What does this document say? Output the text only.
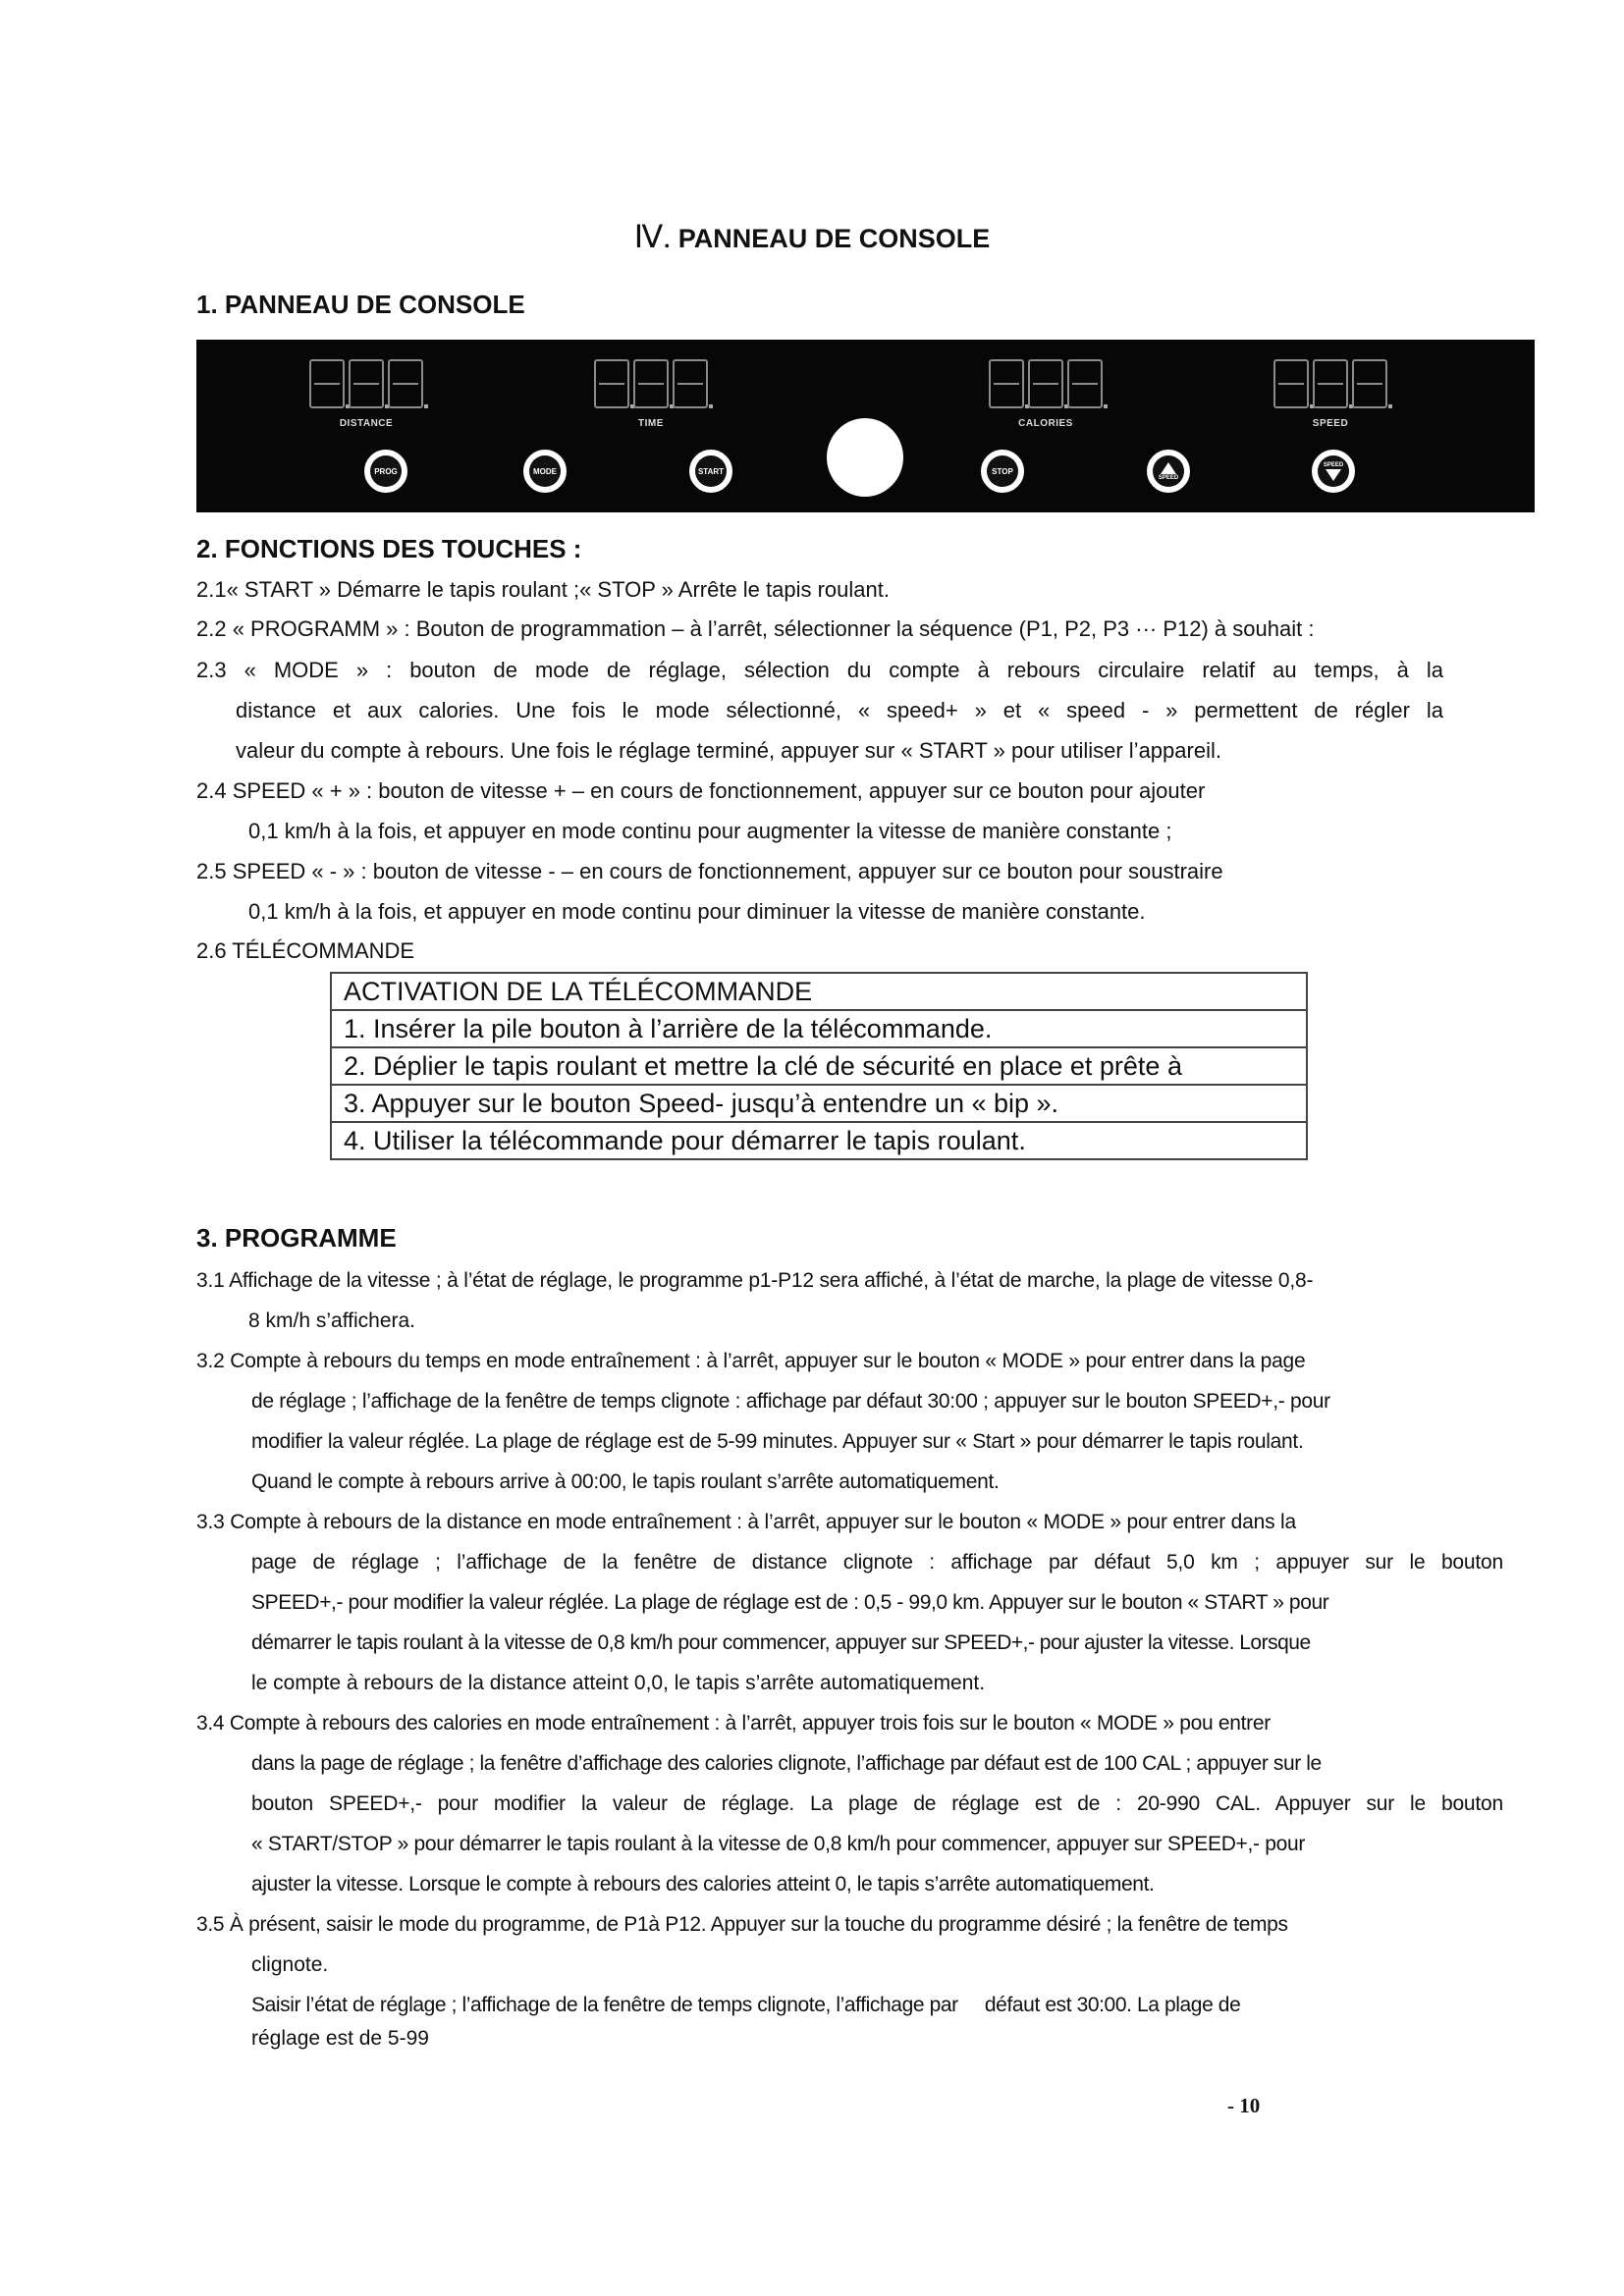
Ⅳ. PANNEAU DE CONSOLE
1. PANNEAU DE CONSOLE
DISTANCE	TIME	CALORIES	SPEED
PROG	MODE	START	STOP
SPEED
SPEED
2. FONCTIONS DES TOUCHES :
2.1« START » Démarre le tapis roulant ;« STOP » Arrête le tapis roulant.
2.2 « PROGRAMM » : Bouton de programmation – à l’arrêt, sélectionner la séquence (P1, P2, P3 ··· P12) à souhait :
2.3 « MODE » : bouton de mode de réglage, sélection du compte à rebours circulaire relatif au temps, à la
distance et aux calories. Une fois le mode sélectionné, « speed+ » et « speed - » permettent de régler la
valeur du compte à rebours. Une fois le réglage terminé, appuyer sur « START » pour utiliser l’appareil.
2.4 SPEED « + » : bouton de vitesse + – en cours de fonctionnement, appuyer sur ce bouton pour ajouter
0,1 km/h à la fois, et appuyer en mode continu pour augmenter la vitesse de manière constante ;
2.5 SPEED « - » : bouton de vitesse - – en cours de fonctionnement, appuyer sur ce bouton pour soustraire
0,1 km/h à la fois, et appuyer en mode continu pour diminuer la vitesse de manière constante.
2.6 TÉLÉCOMMANDE
ACTIVATION DE LA TÉLÉCOMMANDE
1. Insérer la pile bouton à l’arrière de la télécommande.
2. Déplier le tapis roulant et mettre la clé de sécurité en place et prête à
3. Appuyer sur le bouton Speed- jusqu’à entendre un « bip ».
4. Utiliser la télécommande pour démarrer le tapis roulant.
3. PROGRAMME
3.1 Affichage de la vitesse ; à l’état de réglage, le programme p1-P12 sera affiché, à l’état de marche, la plage de vitesse 0,8-
8 km/h s’affichera.
3.2 Compte à rebours du temps en mode entraînement : à l’arrêt, appuyer sur le bouton « MODE » pour entrer dans la page
de réglage ; l’affichage de la fenêtre de temps clignote : affichage par défaut 30:00 ; appuyer sur le bouton SPEED+,- pour
modifier la valeur réglée. La plage de réglage est de 5-99 minutes. Appuyer sur « Start » pour démarrer le tapis roulant.
Quand le compte à rebours arrive à 00:00, le tapis roulant s’arrête automatiquement.
3.3 Compte à rebours de la distance en mode entraînement : à l’arrêt, appuyer sur le bouton « MODE » pour entrer dans la
page de réglage ; l’affichage de la fenêtre de distance clignote : affichage par défaut 5,0 km ; appuyer sur le bouton
SPEED+,- pour modifier la valeur réglée. La plage de réglage est de : 0,5 - 99,0 km. Appuyer sur le bouton « START » pour
démarrer le tapis roulant à la vitesse de 0,8 km/h pour commencer, appuyer sur SPEED+,- pour ajuster la vitesse. Lorsque
le compte à rebours de la distance atteint 0,0, le tapis s’arrête automatiquement.
3.4 Compte à rebours des calories en mode entraînement : à l’arrêt, appuyer trois fois sur le bouton « MODE » pou entrer
dans la page de réglage ; la fenêtre d’affichage des calories clignote, l’affichage par défaut est de 100 CAL ; appuyer sur le
bouton SPEED+,- pour modifier la valeur de réglage. La plage de réglage est de : 20-990 CAL. Appuyer sur le bouton
« START/STOP » pour démarrer le tapis roulant à la vitesse de 0,8 km/h pour commencer, appuyer sur SPEED+,- pour
ajuster la vitesse. Lorsque le compte à rebours des calories atteint 0, le tapis s’arrête automatiquement.
3.5 À présent, saisir le mode du programme, de P1à P12. Appuyer sur la touche du programme désiré ; la fenêtre de temps
clignote.
Saisir l’état de réglage ; l’affichage de la fenêtre de temps clignote, l’affichage par     défaut est 30:00. La plage de
réglage est de 5-99
- 10
